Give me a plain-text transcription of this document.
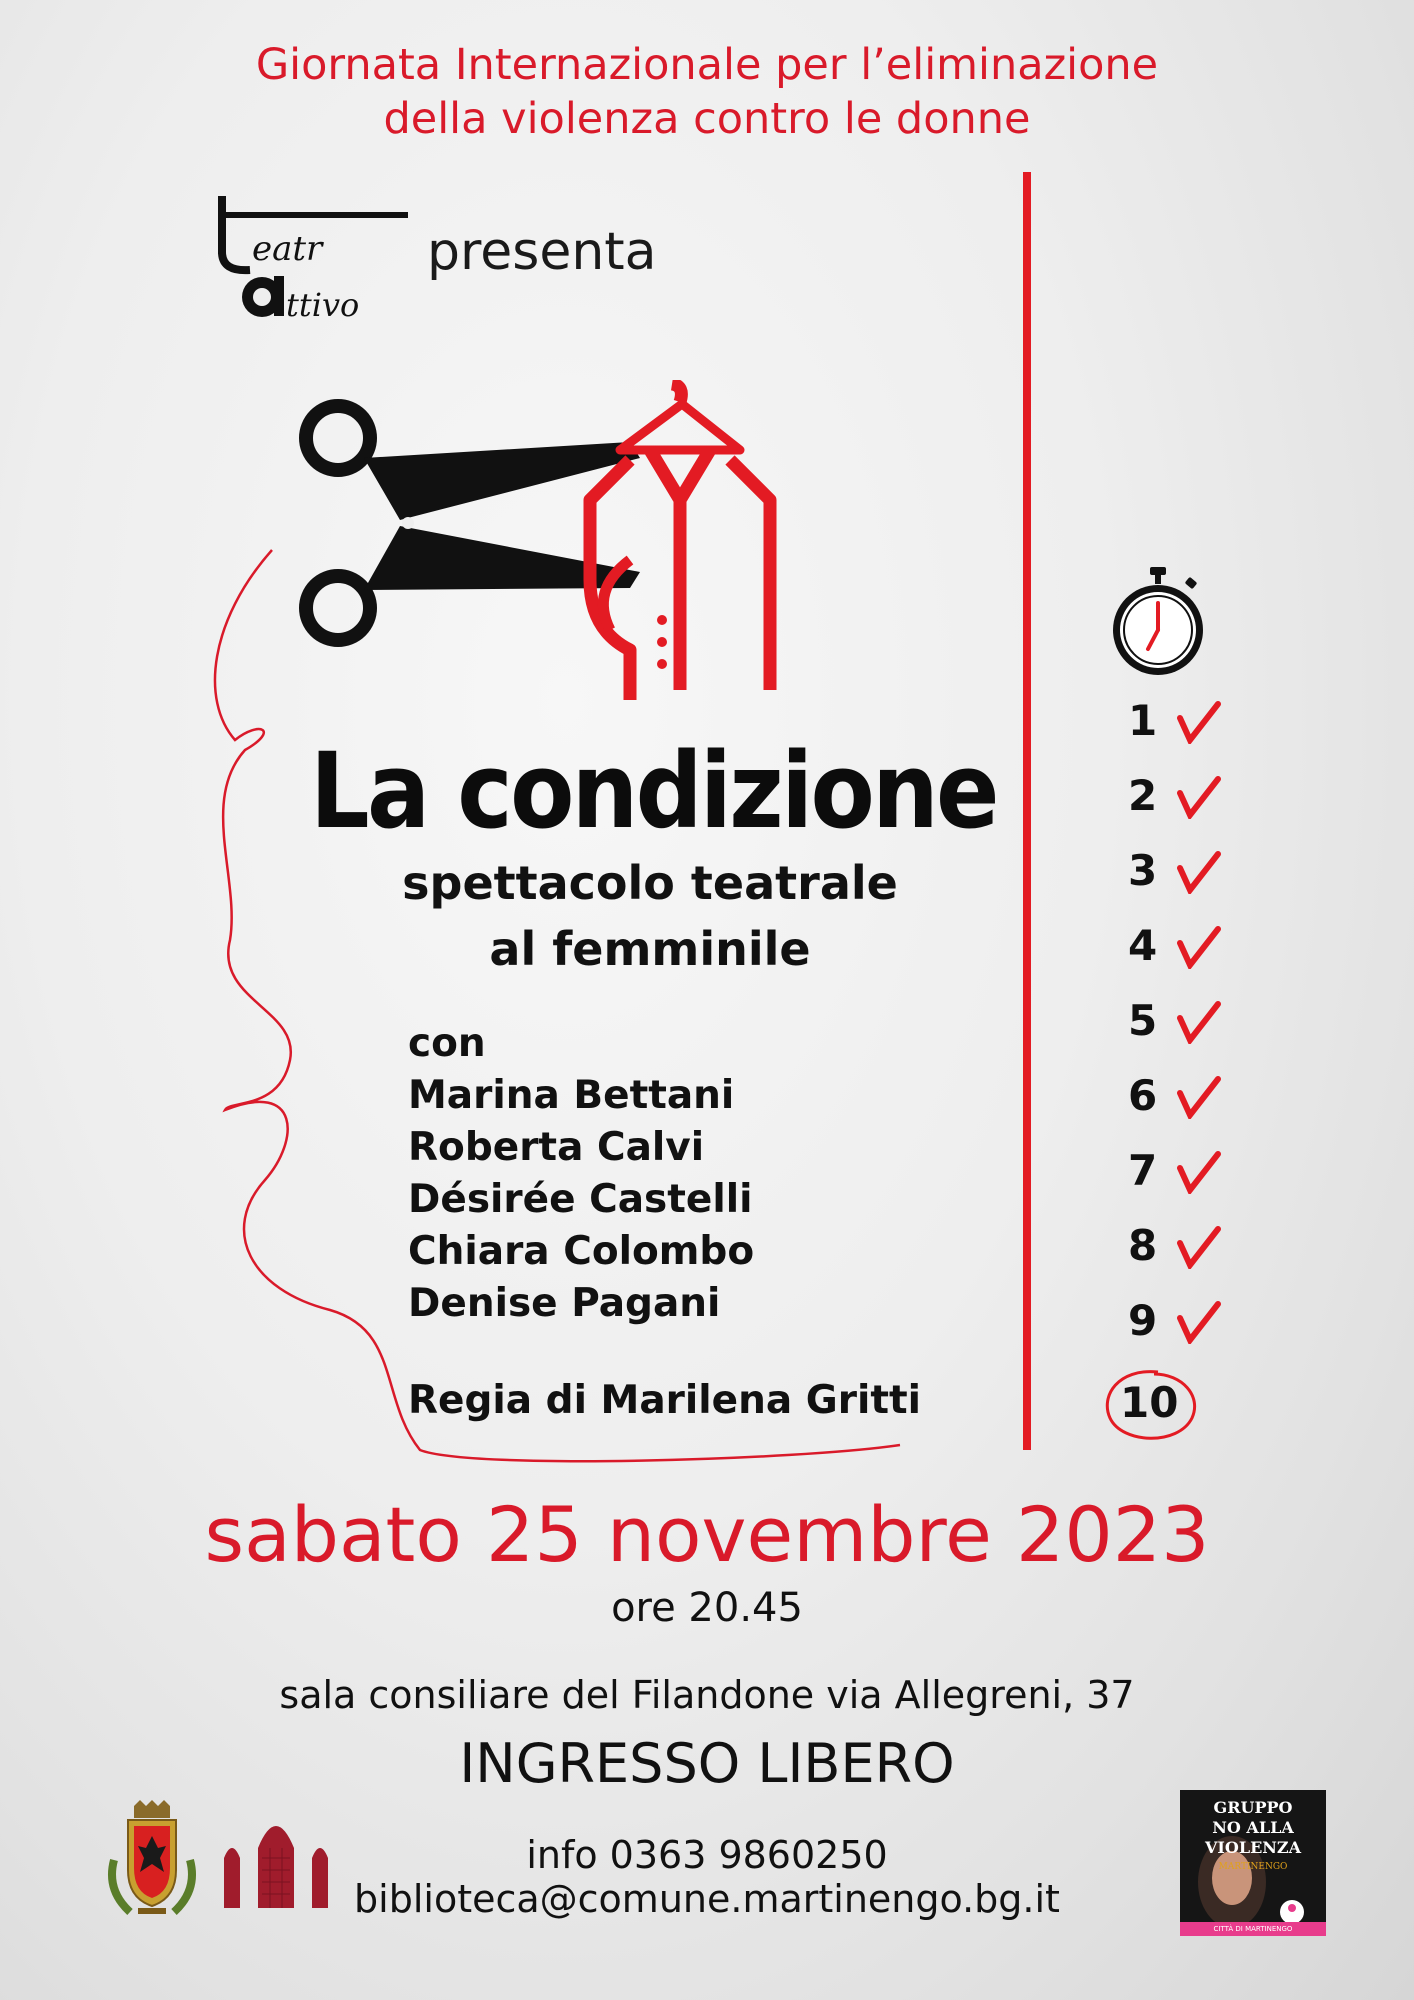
Giornata Internazionale per l’eliminazione
della violenza contro le donne
eatr
ttivo
presenta
La condizione
spettacolo teatrale
al femminile
con
Marina Bettani
Roberta Calvi
Désirée Castelli
Chiara Colombo
Denise Pagani
Regia di Marilena Gritti
1
2
3
4
5
6
7
8
9
10
sabato 25 novembre 2023
ore 20.45
sala consiliare del Filandone via Allegreni, 37
INGRESSO LIBERO
info 0363 9860250
biblioteca@comune.martinengo.bg.it
GRUPPO
NO ALLA
VIOLENZA
MARTINENGO
CITTÀ DI MARTINENGO
